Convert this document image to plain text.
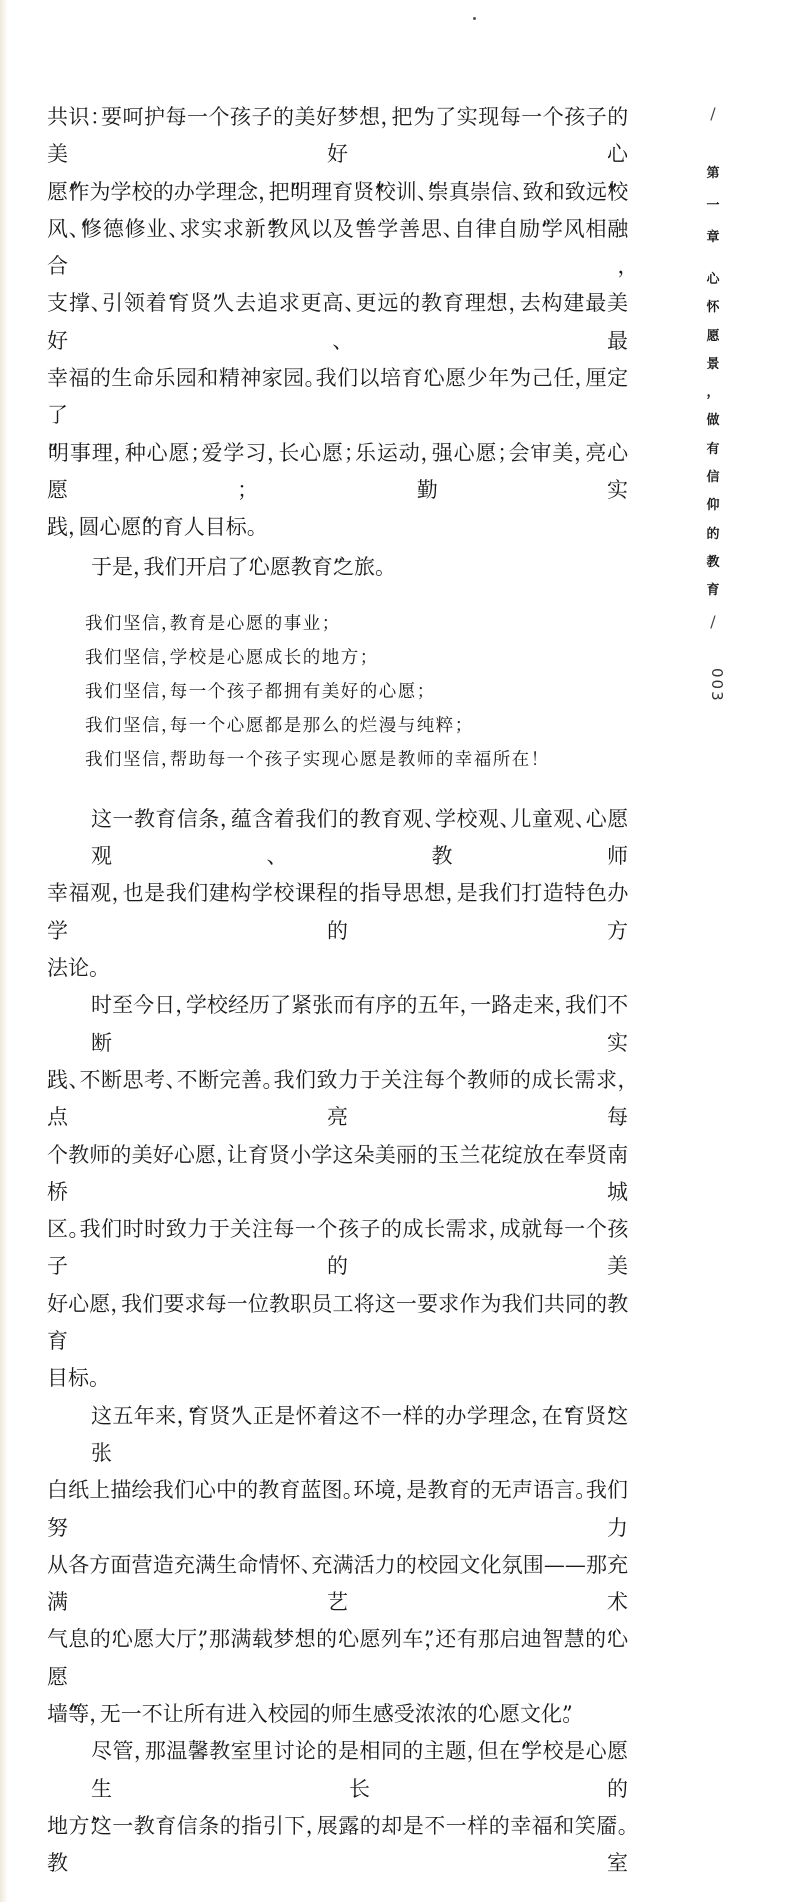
共识：要呵护每一个孩子的美好梦想，把“为了实现每一个孩子的美好心
愿”作为学校的办学理念，把“明理育贤”校训、“崇真崇信、致和致远”校
风、“修德修业、求实求新”教风以及“善学善思、自律自励”学风相融合，
支撑、引领着“育贤”人去追求更高、更远的教育理想，去构建最美好、最
幸福的生命乐园和精神家园。我们以培育“心愿少年”为己任，厘定了
“明事理，种心愿；爱学习，长心愿；乐运动，强心愿；会审美，亮心愿；勤实
践，圆心愿”的育人目标。
于是，我们开启了“心愿教育”之旅。
我们坚信，教育是心愿的事业；
我们坚信，学校是心愿成长的地方；
我们坚信，每一个孩子都拥有美好的心愿；
我们坚信，每一个心愿都是那么的烂漫与纯粹；
我们坚信，帮助每一个孩子实现心愿是教师的幸福所在！
这一教育信条，蕴含着我们的教育观、学校观、儿童观、心愿观、教师
幸福观，也是我们建构学校课程的指导思想，是我们打造特色办学的方
法论。
时至今日，学校经历了紧张而有序的五年，一路走来，我们不断实
践、不断思考、不断完善。我们致力于关注每个教师的成长需求，点亮每
个教师的美好心愿，让育贤小学这朵美丽的玉兰花绽放在奉贤南桥城
区。我们时时致力于关注每一个孩子的成长需求，成就每一个孩子的美
好心愿，我们要求每一位教职员工将这一要求作为我们共同的教育
目标。
这五年来，“育贤”人正是怀着这不一样的办学理念，在“育贤”这张
白纸上描绘我们心中的教育蓝图。环境，是教育的无声语言。我们努力
从各方面营造充满生命情怀、充满活力的校园文化氛围——那充满艺术
气息的“心愿大厅”，那满载梦想的“心愿列车”，还有那启迪智慧的“心愿
墙”等，无一不让所有进入校园的师生感受浓浓的“心愿文化”。
尽管，那温馨教室里讨论的是相同的主题，但在“学校是心愿生长的
地方”这一教育信条的指引下，展露的却是不一样的幸福和笑靥。教室
/
第
一
章
心
怀
愿
景
，
做
有
信
仰
的
教
育
/
003
